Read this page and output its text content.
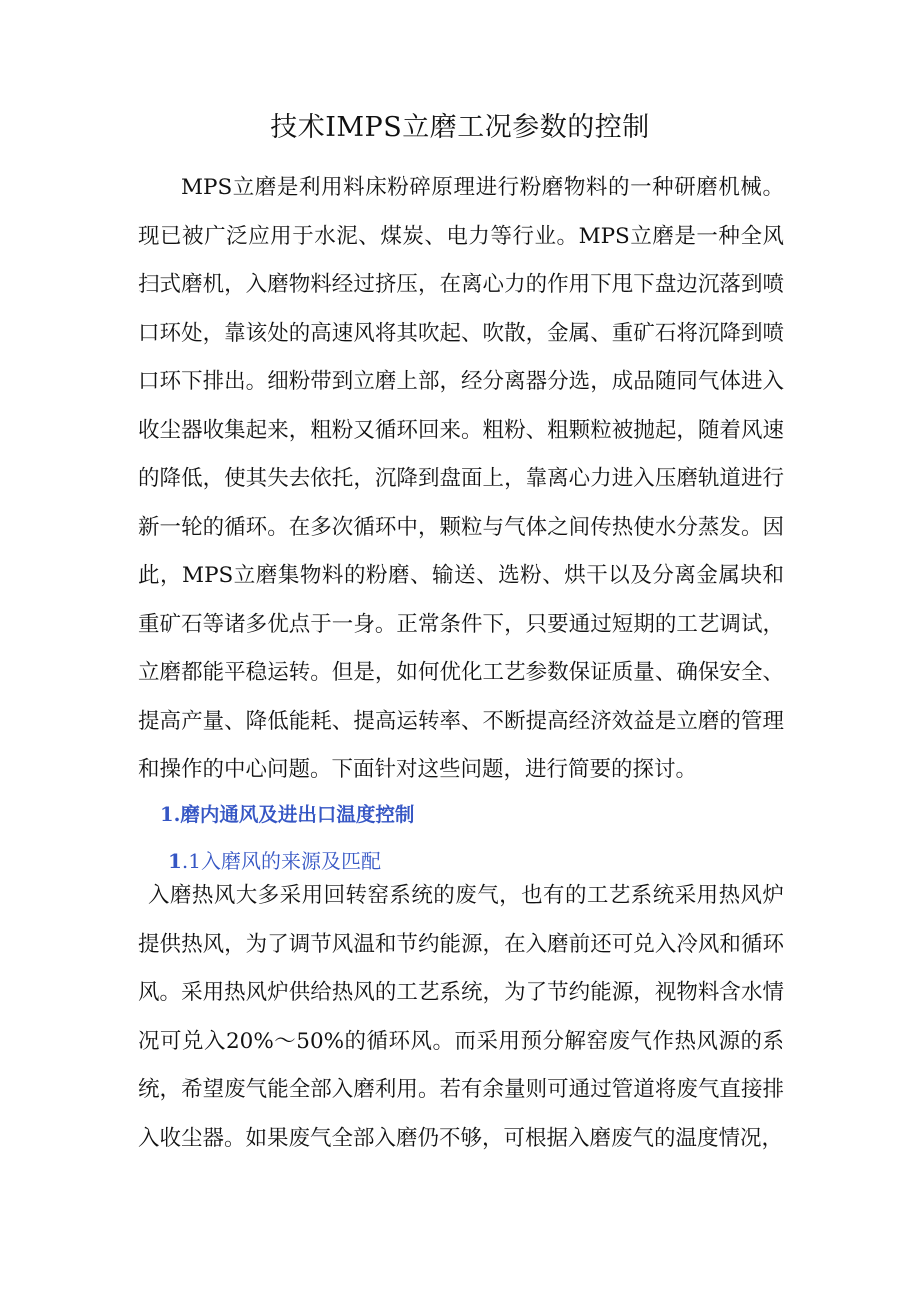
技术IMPS立磨工况参数的控制

MPS立磨是利用料床粉碎原理进行粉磨物料的一种研磨机械。现已被广泛应用于水泥、煤炭、电力等行业。MPS立磨是一种全风扫式磨机，入磨物料经过挤压，在离心力的作用下甩下盘边沉落到喷口环处，靠该处的高速风将其吹起、吹散，金属、重矿石将沉降到喷口环下排出。细粉带到立磨上部，经分离器分选，成品随同气体进入收尘器收集起来，粗粉又循环回来。粗粉、粗颗粒被抛起，随着风速的降低，使其失去依托，沉降到盘面上，靠离心力进入压磨轨道进行新一轮的循环。在多次循环中，颗粒与气体之间传热使水分蒸发。因此，MPS立磨集物料的粉磨、输送、选粉、烘干以及分离金属块和重矿石等诸多优点于一身。正常条件下，只要通过短期的工艺调试，立磨都能平稳运转。但是，如何优化工艺参数保证质量、确保安全、提高产量、降低能耗、提高运转率、不断提高经济效益是立磨的管理和操作的中心问题。下面针对这些问题，进行简要的探讨。

1.磨内通风及进出口温度控制
1.1入磨风的来源及匹配

入磨热风大多采用回转窑系统的废气，也有的工艺系统采用热风炉提供热风，为了调节风温和节约能源，在入磨前还可兑入冷风和循环风。采用热风炉供给热风的工艺系统，为了节约能源，视物料含水情况可兑入20%～50%的循环风。而采用预分解窑废气作热风源的系统，希望废气能全部入磨利用。若有余量则可通过管道将废气直接排入收尘器。如果废气全部入磨仍不够，可根据入磨废气的温度情况，
